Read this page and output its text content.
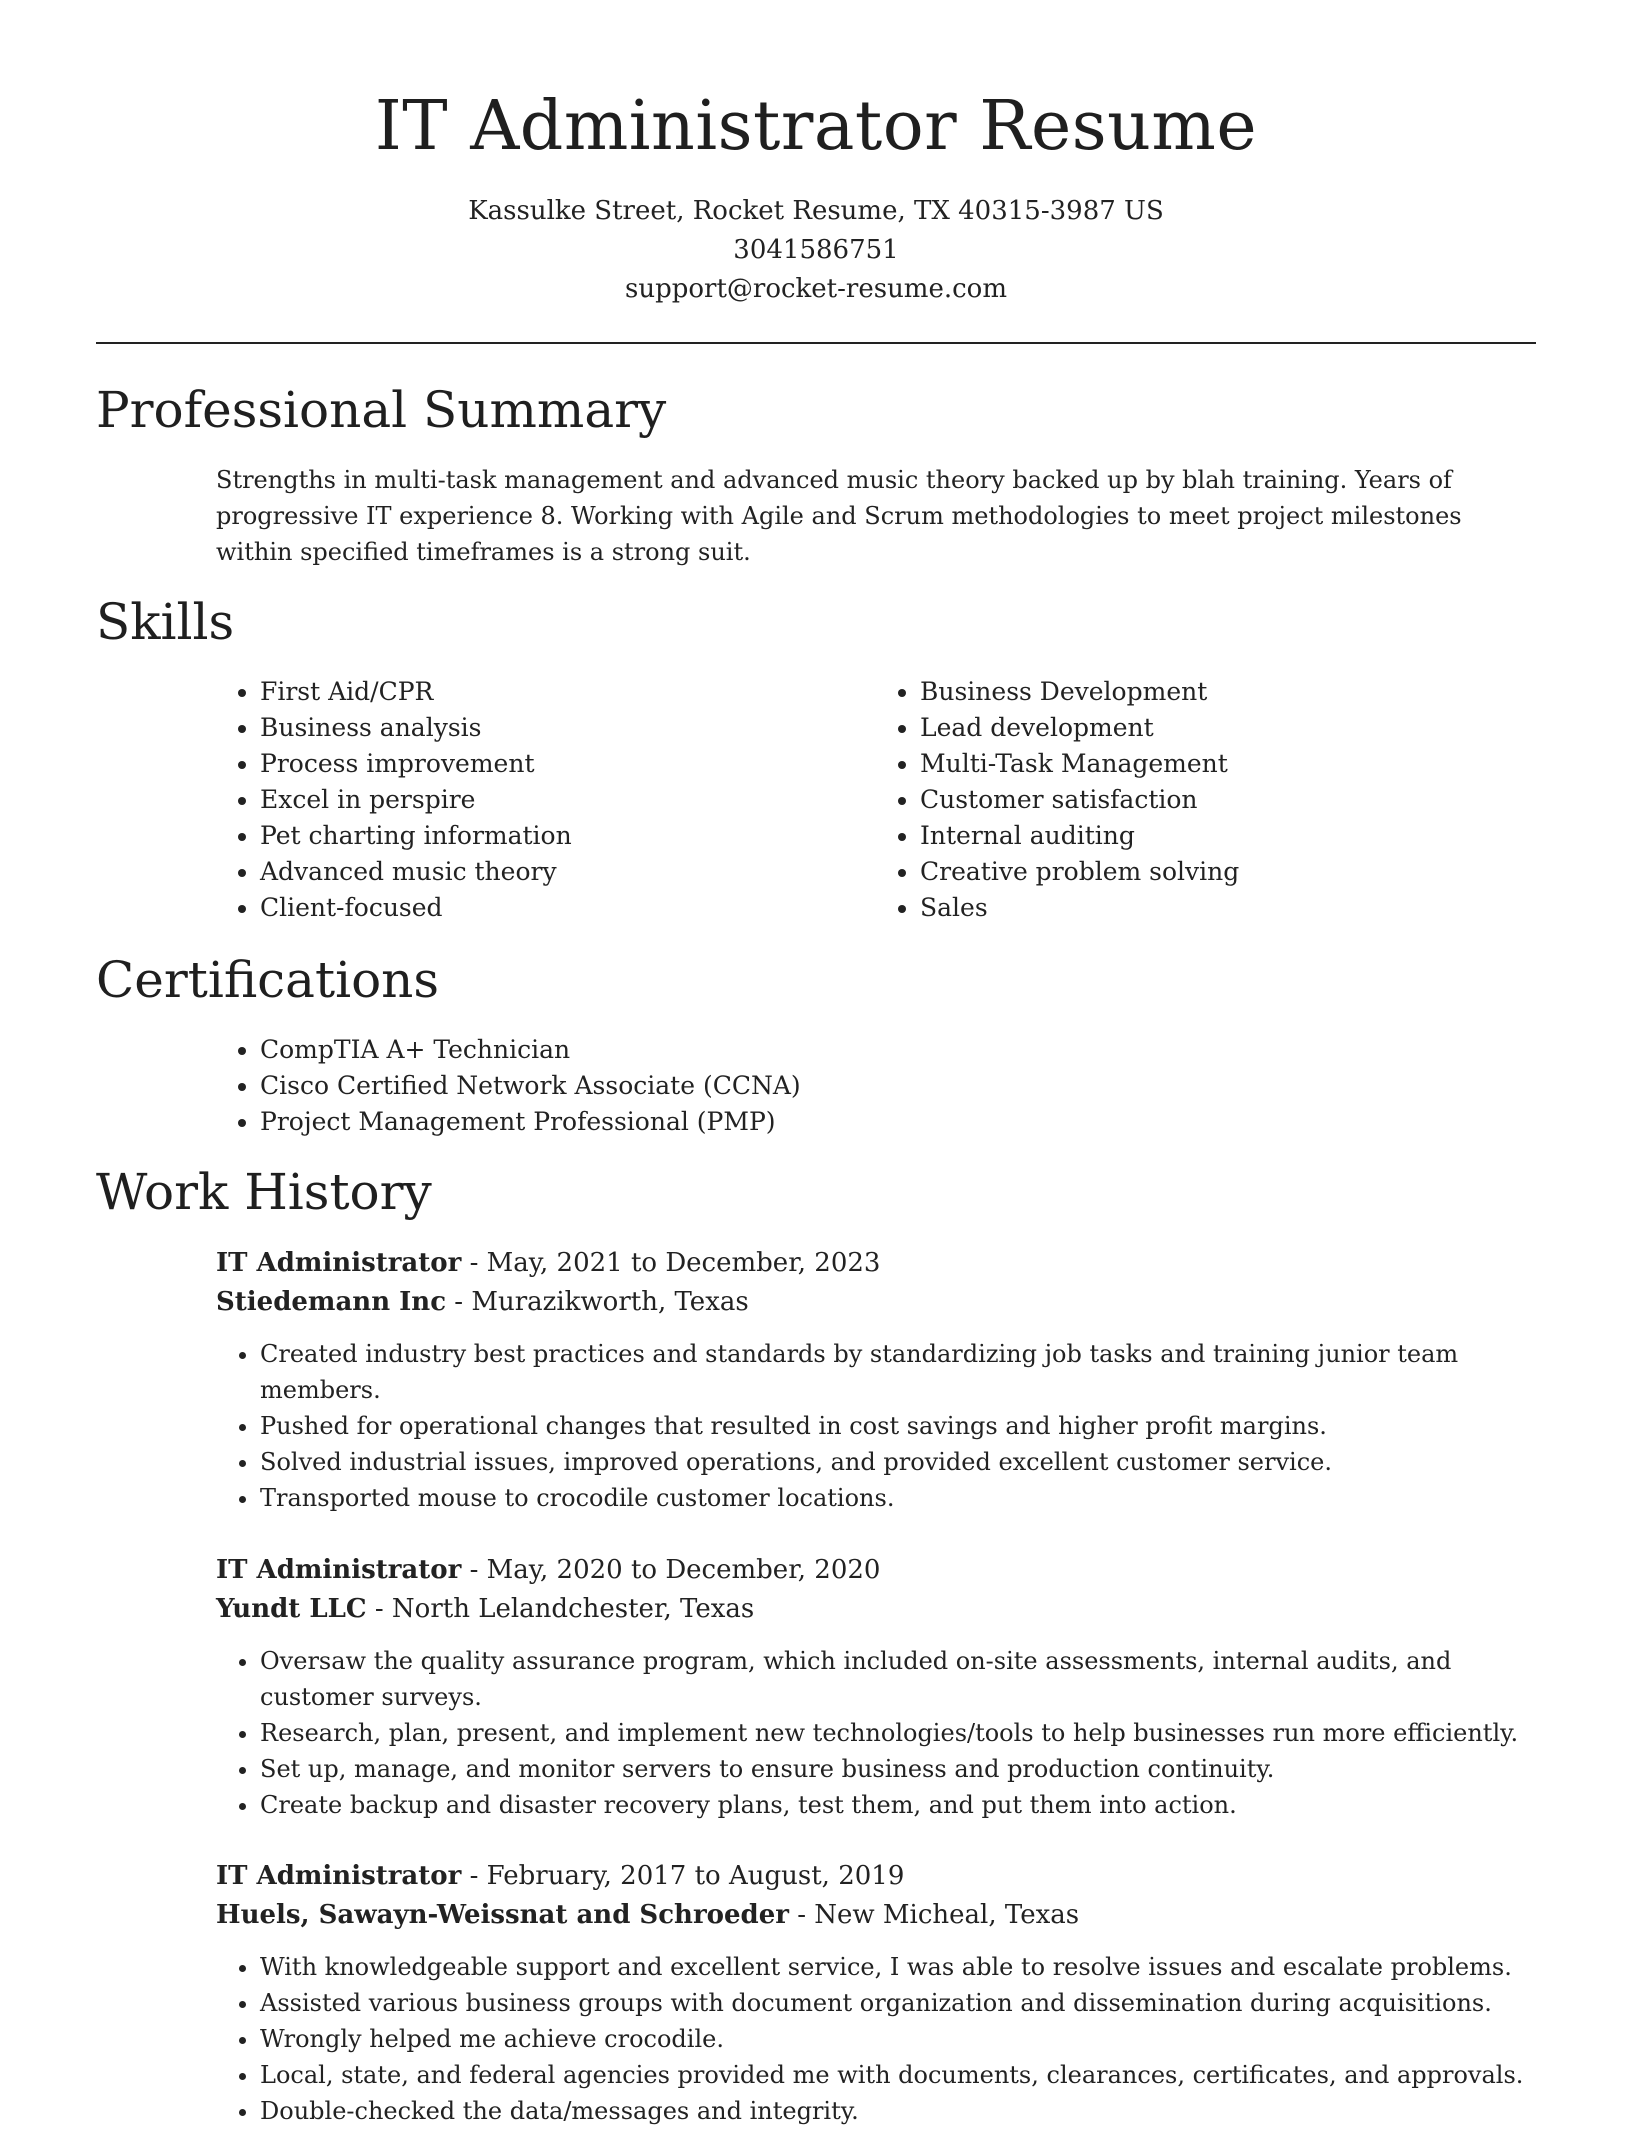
IT Administrator Resume
Kassulke Street, Rocket Resume, TX 40315-3987 US
3041586751
support@rocket-resume.com
Professional Summary

Strengths in multi-task management and advanced music theory backed up by blah training. Years of progressive IT experience 8. Working with Agile and Scrum methodologies to meet project milestones within specified timeframes is a strong suit.

Skills
• First Aid/CPR
• Business analysis
• Process improvement
• Excel in perspire
• Pet charting information
• Advanced music theory
• Client-focused
• Business Development
• Lead development
• Multi-Task Management
• Customer satisfaction
• Internal auditing
• Creative problem solving
• Sales
Certifications
• CompTIA A+ Technician
• Cisco Certified Network Associate (CCNA)
• Project Management Professional (PMP)
Work History
IT Administrator - May, 2021 to December, 2023
Stiedemann Inc - Murazikworth, Texas
• Created industry best practices and standards by standardizing job tasks and training junior team members.
• Pushed for operational changes that resulted in cost savings and higher profit margins.
• Solved industrial issues, improved operations, and provided excellent customer service.
• Transported mouse to crocodile customer locations.
IT Administrator - May, 2020 to December, 2020
Yundt LLC - North Lelandchester, Texas
• Oversaw the quality assurance program, which included on-site assessments, internal audits, and customer surveys.
• Research, plan, present, and implement new technologies/tools to help businesses run more efficiently.
• Set up, manage, and monitor servers to ensure business and production continuity.
• Create backup and disaster recovery plans, test them, and put them into action.
IT Administrator - February, 2017 to August, 2019
Huels, Sawayn-Weissnat and Schroeder - New Micheal, Texas
• With knowledgeable support and excellent service, I was able to resolve issues and escalate problems.
• Assisted various business groups with document organization and dissemination during acquisitions.
• Wrongly helped me achieve crocodile.
• Local, state, and federal agencies provided me with documents, clearances, certificates, and approvals.
• Double-checked the data/messages and integrity.
